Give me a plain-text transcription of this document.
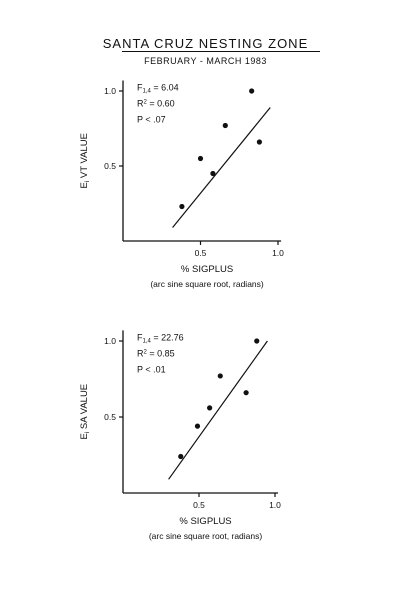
SANTA CRUZ NESTING ZONE
FEBRUARY - MARCH 1983
0.5	1.0
0.5
1.0 $F_{1,4} = 6.04$
$R^2 = 0.60$
P < .07
% SIGPLUS
(arc sine square root, radians)
$E_i$ VT VALUE
0.5	1.0
0.5
1.0 $F_{1,4} = 22.76$
$R^2 = 0.85$
P < .01
% SIGPLUS
(arc sine square root, radians)
$E_i$ SA VALUE
